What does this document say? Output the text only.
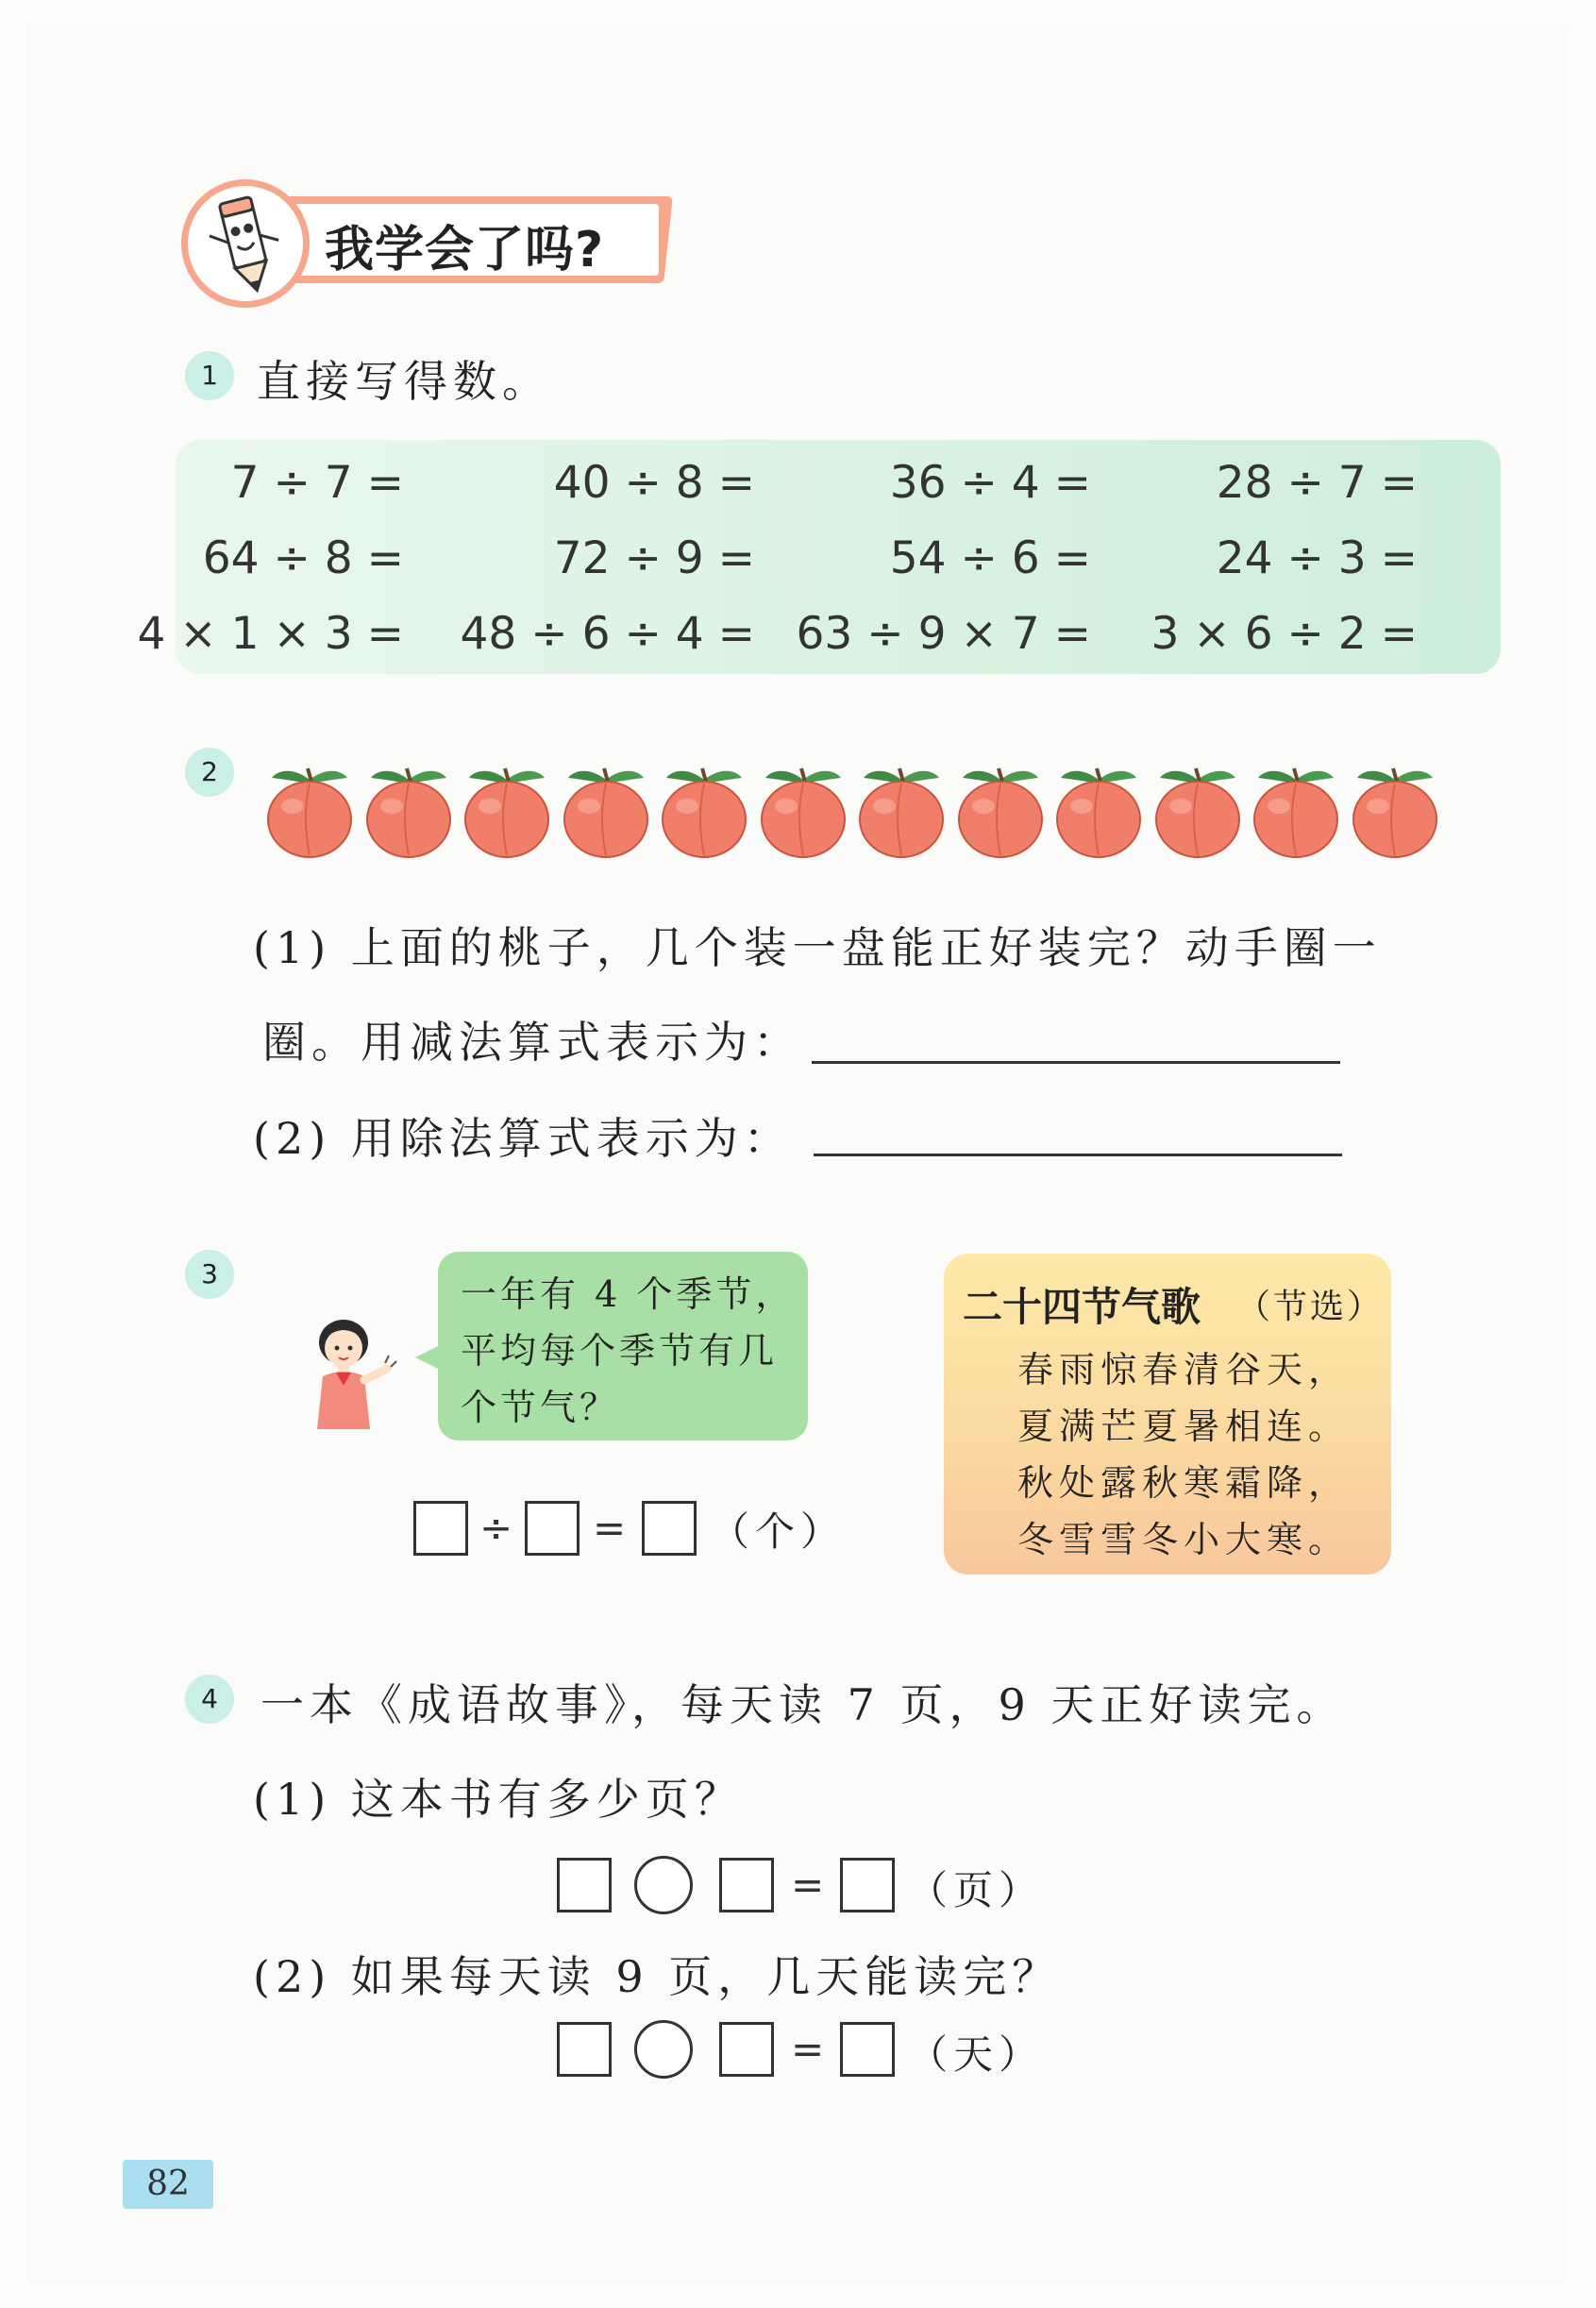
我学会了吗?
1 直接写得数。
7 ÷ 7 =	40 ÷ 8 =	36 ÷ 4 =	28 ÷ 7 =
64 ÷ 8 =	72 ÷ 9 =	54 ÷ 6 =	24 ÷ 3 =
4 × 1 × 3 =	48 ÷ 6 ÷ 4 = 63 ÷ 9 × 7 =	3 × 6 ÷ 2 =
2
(1) 上面的桃子，几个装一盘能正好装完？动手圈一
圈。用减法算式表示为：
(2) 用除法算式表示为：
3	一年有 4 个季节，
平均每个季节有几
个节气？
÷ = （个）
二十四节气歌 （节选）
春雨惊春清谷天，
夏满芒夏暑相连。
秋处露秋寒霜降，
冬雪雪冬小大寒。
4 一本《成语故事》，每天读 7 页，9 天正好读完。
(1) 这本书有多少页？
= （页）
(2) 如果每天读 9 页，几天能读完？
= （天）
82
